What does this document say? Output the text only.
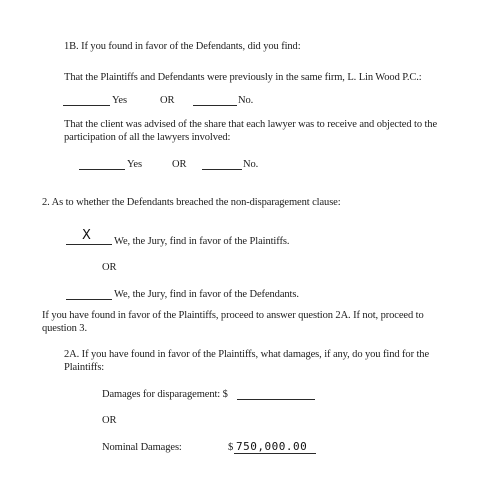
1B. If you found in favor of the Defendants, did you find:
That the Plaintiffs and Defendants were previously in the same firm, L. Lin Wood P.C.:
Yes	OR	No.
That the client was advised of the share that each lawyer was to receive and objected to the participation of all the lawyers involved:
Yes	OR	No.
2. As to whether the Defendants breached the non-disparagement clause:
X We, the Jury, find in favor of the Plaintiffs.
OR
We, the Jury, find in favor of the Defendants.
If you have found in favor of the Plaintiffs, proceed to answer question 2A. If not, proceed to question 3.
2A. If you have found in favor of the Plaintiffs, what damages, if any, do you find for the Plaintiffs:
Damages for disparagement: $
OR
Nominal Damages:	$ 750,000.00
